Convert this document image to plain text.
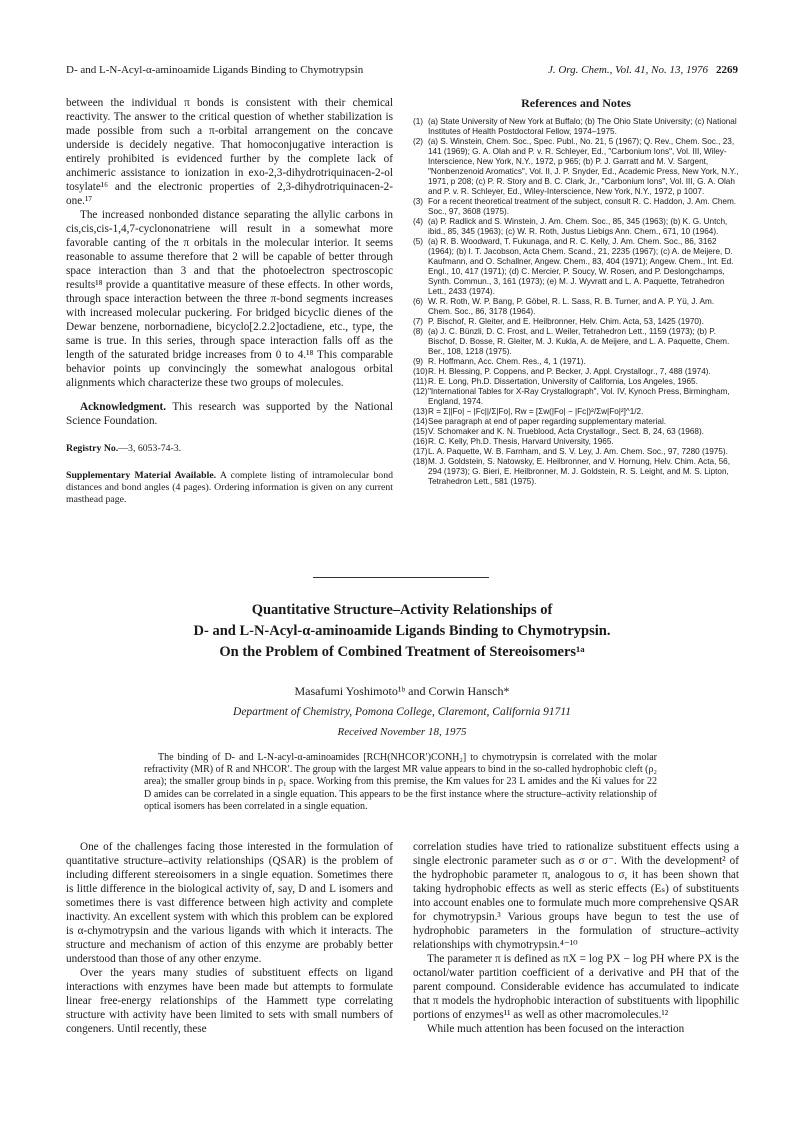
D- and L-N-Acyl-α-aminoamide Ligands Binding to Chymotrypsin	J. Org. Chem., Vol. 41, No. 13, 1976 2269

between the individual π bonds is consistent with their chemical reactivity. The answer to the critical question of whether stabilization is made possible from such a π-orbital arrangement on the concave underside is decidely negative. That homoconjugative interaction is entirely prohibited is evidenced further by the complete lack of anchimeric assistance to ionization in exo-2,3-dihydrotriquinacen-2-ol tosylate¹⁶ and the electronic properties of 2,3-dihydrotriquinacen-2-one.¹⁷

The increased nonbonded distance separating the allylic carbons in cis,cis,cis-1,4,7-cyclononatriene will result in a somewhat more favorable canting of the π orbitals in the molecular interior. It seems reasonable to assume therefore that 2 will be capable of better through space interaction than 3 and that the photoelectron spectroscopic results¹⁸ provide a quantitative measure of these effects. In other words, through space interaction between the three π-bond segments increases with increased molecular puckering. For bridged bicyclic dienes of the Dewar benzene, norbornadiene, bicyclo[2.2.2]octadiene, etc., type, the same is true. In this series, through space interaction falls off as the length of the saturated bridge increases from 0 to 4.¹⁸ This comparable behavior points up convincingly the somewhat analogous orbital alignments which characterize these two groups of molecules.

Acknowledgment. This research was supported by the National Science Foundation.

Registry No.—3, 6053-74-3.

Supplementary Material Available. A complete listing of intramolecular bond distances and bond angles (4 pages). Ordering information is given on any current masthead page.

References and Notes
(1) (a) State University of New York at Buffalo; (b) The Ohio State University; (c) National Institutes of Health Postdoctoral Fellow, 1974–1975.
(2) (a) S. Winstein, Chem. Soc., Spec. Publ., No. 21, 5 (1967); Q. Rev., Chem. Soc., 23, 141 (1969); G. A. Olah and P. v. R. Schleyer, Ed., "Carbonium Ions", Vol. III, Wiley-Interscience, New York, N.Y., 1972, p 965; (b) P. J. Garratt and M. V. Sargent, "Nonbenzenoid Aromatics", Vol. II, J. P. Snyder, Ed., Academic Press, New York, N.Y., 1971, p 208; (c) P. R. Story and B. C. Clark, Jr., "Carbonium Ions", Vol. III, G. A. Olah and P. v. R. Schleyer, Ed., Wiley-Interscience, New York, N.Y., 1972, p 1007.
(3) For a recent theoretical treatment of the subject, consult R. C. Haddon, J. Am. Chem. Soc., 97, 3608 (1975).
(4) (a) P. Radlick and S. Winstein, J. Am. Chem. Soc., 85, 345 (1963); (b) K. G. Untch, ibid., 85, 345 (1963); (c) W. R. Roth, Justus Liebigs Ann. Chem., 671, 10 (1964).
(5) (a) R. B. Woodward, T. Fukunaga, and R. C. Kelly, J. Am. Chem. Soc., 86, 3162 (1964); (b) I. T. Jacobson, Acta Chem. Scand., 21, 2235 (1967); (c) A. de Meijere, D. Kaufmann, and O. Schallner, Angew. Chem., 83, 404 (1971); Angew. Chem., Int. Ed. Engl., 10, 417 (1971); (d) C. Mercier, P. Soucy, W. Rosen, and P. Deslongchamps, Synth. Commun., 3, 161 (1973); (e) M. J. Wyvratt and L. A. Paquette, Tetrahedron Lett., 2433 (1974).
(6) W. R. Roth, W. P. Bang, P. Göbel, R. L. Sass, R. B. Turner, and A. P. Yü, J. Am. Chem. Soc., 86, 3178 (1964).
(7) P. Bischof, R. Gleiter, and E. Heilbronner, Helv. Chim. Acta, 53, 1425 (1970).
(8) (a) J. C. Bünzli, D. C. Frost, and L. Weiler, Tetrahedron Lett., 1159 (1973); (b) P. Bischof, D. Bosse, R. Gleiter, M. J. Kukla, A. de Meijere, and L. A. Paquette, Chem. Ber., 108, 1218 (1975).
(9) R. Hoffmann, Acc. Chem. Res., 4, 1 (1971).
(10) R. H. Blessing, P. Coppens, and P. Becker, J. Appl. Crystallogr., 7, 488 (1974).
(11) R. E. Long, Ph.D. Dissertation, University of California, Los Angeles, 1965.
(12) "International Tables for X-Ray Crystallograph", Vol. IV, Kynoch Press, Birmingham, England, 1974.
(13) R = Σ||Fo| − |Fc||/Σ|Fo|, Rw = [Σw(|Fo| − |Fc|)²/Σw|Fo|²]^1/2.
(14) See paragraph at end of paper regarding supplementary material.
(15) V. Schomaker and K. N. Trueblood, Acta Crystallogr., Sect. B, 24, 63 (1968).
(16) R. C. Kelly, Ph.D. Thesis, Harvard University, 1965.
(17) L. A. Paquette, W. B. Farnham, and S. V. Ley, J. Am. Chem. Soc., 97, 7280 (1975).
(18) M. J. Goldstein, S. Natowsky, E. Heilbronner, and V. Hornung, Helv. Chim. Acta, 56, 294 (1973); G. Bieri, E. Heilbronner, M. J. Goldstein, R. S. Leight, and M. S. Lipton, Tetrahedron Lett., 581 (1975).
Quantitative Structure–Activity Relationships of
D- and L-N-Acyl-α-aminoamide Ligands Binding to Chymotrypsin.
On the Problem of Combined Treatment of Stereoisomers¹ᵃ
Masafumi Yoshimoto¹ᵇ and Corwin Hansch*
Department of Chemistry, Pomona College, Claremont, California 91711
Received November 18, 1975

The binding of D- and L-N-acyl-α-aminoamides [RCH(NHCOR′)CONH₂] to chymotrypsin is correlated with the molar refractivity (MR) of R and NHCOR′. The group with the largest MR value appears to bind in the so-called hydrophobic cleft (ρ₂ area); the smaller group binds in ρ₁ space. Working from this premise, the Km values for 23 L amides and the Ki values for 22 D amides can be correlated in a single equation. This appears to be the first instance where the structure–activity relationship of optical isomers has been correlated in a single equation.

One of the challenges facing those interested in the formulation of quantitative structure–activity relationships (QSAR) is the problem of including different stereoisomers in a single equation. Sometimes there is little difference in the biological activity of, say, D and L isomers and sometimes there is vast difference between high activity and complete inactivity. An excellent system with which this problem can be explored is α-chymotrypsin and the various ligands with which it interacts. The structure and mechanism of action of this enzyme are probably better understood than those of any other enzyme.

Over the years many studies of substituent effects on ligand interactions with enzymes have been made but attempts to formulate linear free-energy relationships of the Hammett type correlating structure with activity have been limited to sets with small numbers of congeners. Until recently, these

correlation studies have tried to rationalize substituent effects using a single electronic parameter such as σ or σ⁻. With the development² of the hydrophobic parameter π, analogous to σ, it has been shown that taking hydrophobic effects as well as steric effects (Eₛ) of substituents into account enables one to formulate much more comprehensive QSAR for chymotrypsin.³ Various groups have begun to test the use of hydrophobic parameters in the formulation of structure–activity relationships with chymotrypsin.⁴⁻¹⁰

The parameter π is defined as πX = log PX − log PH where PX is the octanol/water partition coefficient of a derivative and PH that of the parent compound. Considerable evidence has accumulated to indicate that π models the hydrophobic interaction of substituents with lipophilic portions of enzymes¹¹ as well as other macromolecules.¹²

While much attention has been focused on the interaction
